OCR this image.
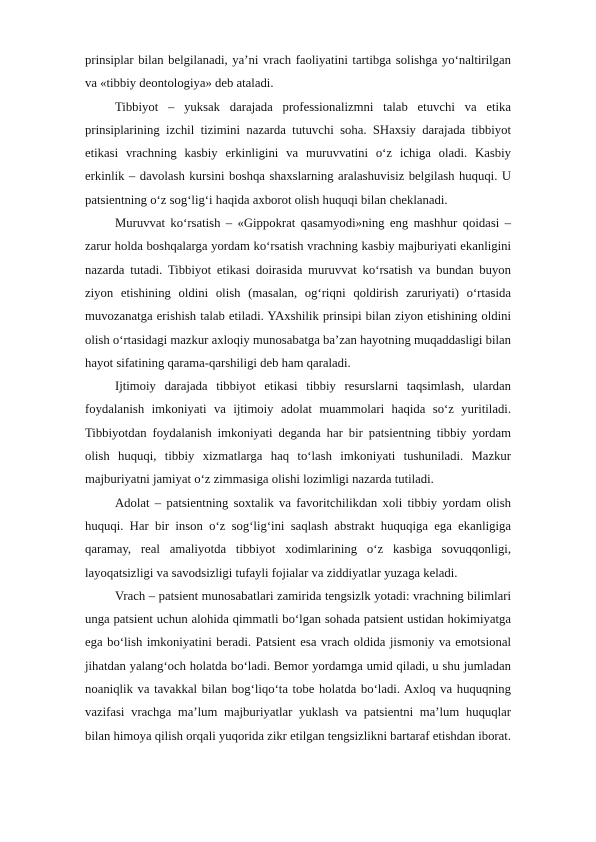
prinsiplar bilan belgilanadi, ya’ni vrach faoliyatini tartibga solishga yo‘naltirilgan va «tibbiy deontologiya» deb ataladi.

Tibbiyot – yuksak darajada professionalizmni talab etuvchi va etika prinsiplarining izchil tizimini nazarda tutuvchi soha. SHaxsiy darajada tibbiyot etikasi vrachning kasbiy erkinligini va muruvvatini o‘z ichiga oladi. Kasbiy erkinlik – davolash kursini boshqa shaxslarning aralashuvisiz belgilash huquqi. U patsientning o‘z sog‘lig‘i haqida axborot olish huquqi bilan cheklanadi.

Muruvvat ko‘rsatish – «Gippokrat qasamyodi»ning eng mashhur qoidasi – zarur holda boshqalarga yordam ko‘rsatish vrachning kasbiy majburiyati ekanligini nazarda tutadi. Tibbiyot etikasi doirasida muruvvat ko‘rsatish va bundan buyon ziyon etishining oldini olish (masalan, og‘riqni qoldirish zaruriyati) o‘rtasida muvozanatga erishish talab etiladi. YAxshilik prinsipi bilan ziyon etishining oldini olish o‘rtasidagi mazkur axloqiy munosabatga ba’zan hayotning muqaddasligi bilan hayot sifatining qarama-qarshiligi deb ham qaraladi.

Ijtimoiy darajada tibbiyot etikasi tibbiy resurslarni taqsimlash, ulardan foydalanish imkoniyati va ijtimoiy adolat muammolari haqida so‘z yuritiladi. Tibbiyotdan foydalanish imkoniyati deganda har bir patsientning tibbiy yordam olish huquqi, tibbiy xizmatlarga haq to‘lash imkoniyati tushuniladi. Mazkur majburiyatni jamiyat o‘z zimmasiga olishi lozimligi nazarda tutiladi.

Adolat – patsientning soxtalik va favoritchilikdan xoli tibbiy yordam olish huquqi. Har bir inson o‘z sog‘lig‘ini saqlash abstrakt huquqiga ega ekanligiga qaramay, real amaliyotda tibbiyot xodimlarining o‘z kasbiga sovuqqonligi, layoqatsizligi va savodsizligi tufayli fojialar va ziddiyatlar yuzaga keladi.

Vrach – patsient munosabatlari zamirida tengsizlk yotadi: vrachning bilimlari unga patsient uchun alohida qimmatli bo‘lgan sohada patsient ustidan hokimiyatga ega bo‘lish imkoniyatini beradi. Patsient esa vrach oldida jismoniy va emotsional jihatdan yalang‘och holatda bo‘ladi. Bemor yordamga umid qiladi, u shu jumladan noaniqlik va tavakkal bilan bog‘liqo‘ta tobe holatda bo‘ladi. Axloq va huquqning vazifasi vrachga ma’lum majburiyatlar yuklash va patsientni ma’lum huquqlar bilan himoya qilish orqali yuqorida zikr etilgan tengsizlikni bartaraf etishdan iborat.
